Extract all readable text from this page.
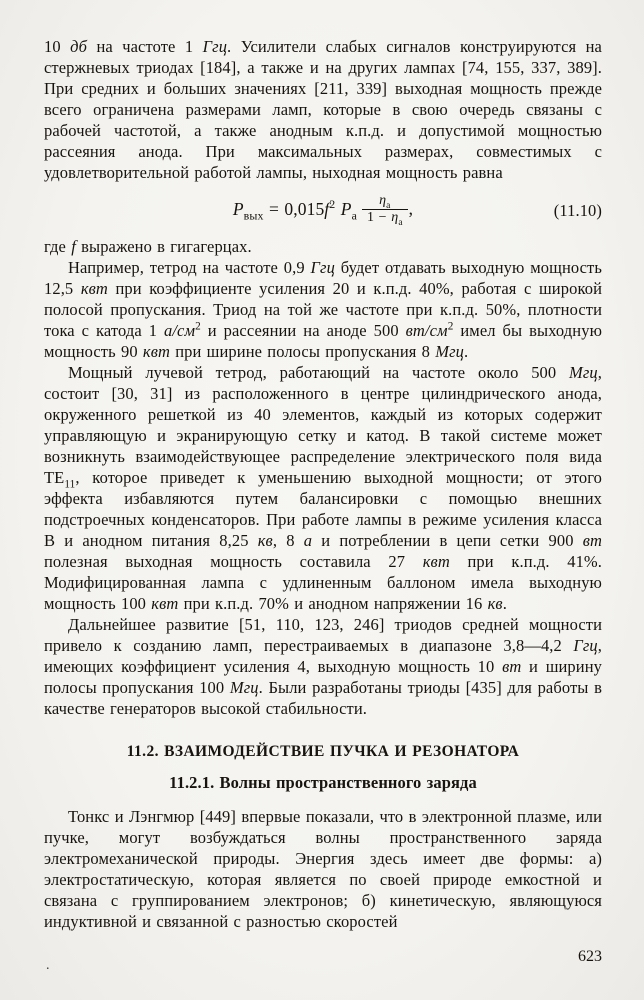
10 дб на частоте 1 Ггц. Усилители слабых сигналов конструируются на стержневых триодах [184], а также и на других лампах [74, 155, 337, 389]. При средних и больших значениях [211, 339] выходная мощность прежде всего ограничена размерами ламп, которые в свою очередь связаны с рабочей частотой, а также анодным к.п.д. и допустимой мощностью рассеяния анода. При максимальных размерах, совместимых с удовлетворительной работой лампы, ныходная мощность равна

$P_{вых} = 0,015f^2$ $P_а \frac{\eta_а}{1 - \eta_а}$ ,	(11.10)

где f выражено в гигагерцах.

Например, тетрод на частоте 0,9 Ггц будет отдавать выходную мощность 12,5 квт при коэффициенте усиления 20 и к.п.д. 40%, работая с широкой полосой пропускания. Триод на той же частоте при к.п.д. 50%, плотности тока с катода 1 $а/см^2$ и рассеянии на аноде 500 $вт/см^2$ имел бы выходную мощность 90 квт при ширине полосы пропускания 8 Мгц.

Мощный лучевой тетрод, работающий на частоте около 500 Мгц, состоит [30, 31] из расположенного в центре цилиндрического анода, окруженного решеткой из 40 элементов, каждый из которых содержит управляющую и экранирующую сетку и катод. В такой системе может возникнуть взаимодействующее распределение электрического поля вида $ТЕ_{11}$, которое приведет к уменьшению выходной мощности; от этого эффекта избавляются путем балансировки с помощью внешних подстроечных конденсаторов. При работе лампы в режиме усиления класса В и анодном питания 8,25 кв, 8 а и потреблении в цепи сетки 900 вт полезная выходная мощность составила 27 квт при к.п.д. 41%. Модифицированная лампа с удлиненным баллоном имела выходную мощность 100 квт при к.п.д. 70% и анодном напряжении 16 кв.

Дальнейшее развитие [51, 110, 123, 246] триодов средней мощности привело к созданию ламп, перестраиваемых в диапазоне 3,8—4,2 Ггц, имеющих коэффициент усиления 4, выходную мощность 10 вт и ширину полосы пропускания 100 Мгц. Были разработаны триоды [435] для работы в качестве генераторов высокой стабильности.

11.2. ВЗАИМОДЕЙСТВИЕ ПУЧКА И РЕЗОНАТОРА
11.2.1. Волны пространственного заряда

Тонкс и Лэнгмюр [449] впервые показали, что в электронной плазме, или пучке, могут возбуждаться волны пространственного заряда электромеханической природы. Энергия здесь имеет две формы: а) электростатическую, которая является по своей природе емкостной и связана с группированием электронов; б) кинетическую, являющуюся индуктивной и связанной с разностью скоростей

623
.
